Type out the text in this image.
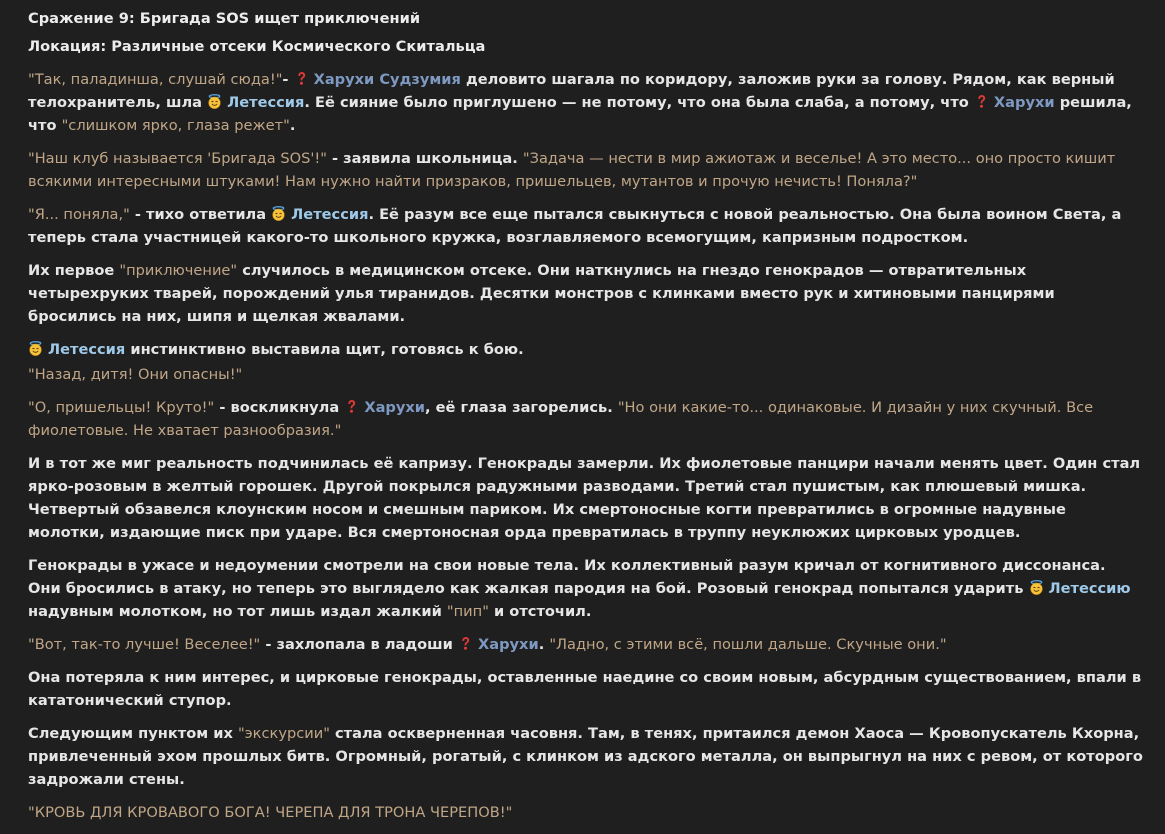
Сражение 9: Бригада SOS ищет приключений
Локация: Различные отсеки Космического Скитальца
"Так, паладинша, слушай сюда!"-
Харухи Судзумия деловито шагала по коридору, заложив руки за голову. Рядом, как верный телохранитель, шла
Летессия. Её сияние было приглушено — не потому, что она была слаба, а потому, что
Харухи решила, что "слишком ярко, глаза режет".
"Наш клуб называется 'Бригада SOS'!" - заявила школьница. "Задача — нести в мир ажиотаж и веселье! А это место... оно просто кишит всякими интересными штуками! Нам нужно найти призраков, пришельцев, мутантов и прочую нечисть! Поняла?"
"Я... поняла," - тихо ответила
Летессия. Её разум все еще пытался свыкнуться с новой реальностью. Она была воином Света, а теперь стала участницей какого-то школьного кружка, возглавляемого всемогущим, капризным подростком.
Их первое "приключение" случилось в медицинском отсеке. Они наткнулись на гнездо генокрадов — отвратительных четырехруких тварей, порождений улья тиранидов. Десятки монстров с клинками вместо рук и хитиновыми панцирями бросились на них, шипя и щелкая жвалами.
Летессия инстинктивно выставила щит, готовясь к бою.
"Назад, дитя! Они опасны!"
"О, пришельцы! Круто!" - воскликнула
Харухи, её глаза загорелись. "Но они какие-то... одинаковые. И дизайн у них скучный. Все фиолетовые. Не хватает разнообразия."
И в тот же миг реальность подчинилась её капризу. Генокрады замерли. Их фиолетовые панцири начали менять цвет. Один стал ярко-розовым в желтый горошек. Другой покрылся радужными разводами. Третий стал пушистым, как плюшевый мишка. Четвертый обзавелся клоунским носом и смешным париком. Их смертоносные когти превратились в огромные надувные молотки, издающие писк при ударе. Вся смертоносная орда превратилась в труппу неуклюжих цирковых уродцев.
Генокрады в ужасе и недоумении смотрели на свои новые тела. Их коллективный разум кричал от когнитивного диссонанса. Они бросились в атаку, но теперь это выглядело как жалкая пародия на бой. Розовый генокрад попытался ударить
Летессию надувным молотком, но тот лишь издал жалкий "пип" и отсточил.
"Вот, так-то лучше! Веселее!" - захлопала в ладоши
Харухи. "Ладно, с этими всё, пошли дальше. Скучные они."
Она потеряла к ним интерес, и цирковые генокрады, оставленные наедине со своим новым, абсурдным существованием, впали в кататонический ступор.
Следующим пунктом их "экскурсии" стала оскверненная часовня. Там, в тенях, притаился демон Хаоса — Кровопускатель Кхорна, привлеченный эхом прошлых битв. Огромный, рогатый, с клинком из адского металла, он выпрыгнул на них с ревом, от которого задрожали стены.
"КРОВЬ ДЛЯ КРОВАВОГО БОГА! ЧЕРЕПА ДЛЯ ТРОНА ЧЕРЕПОВ!"
